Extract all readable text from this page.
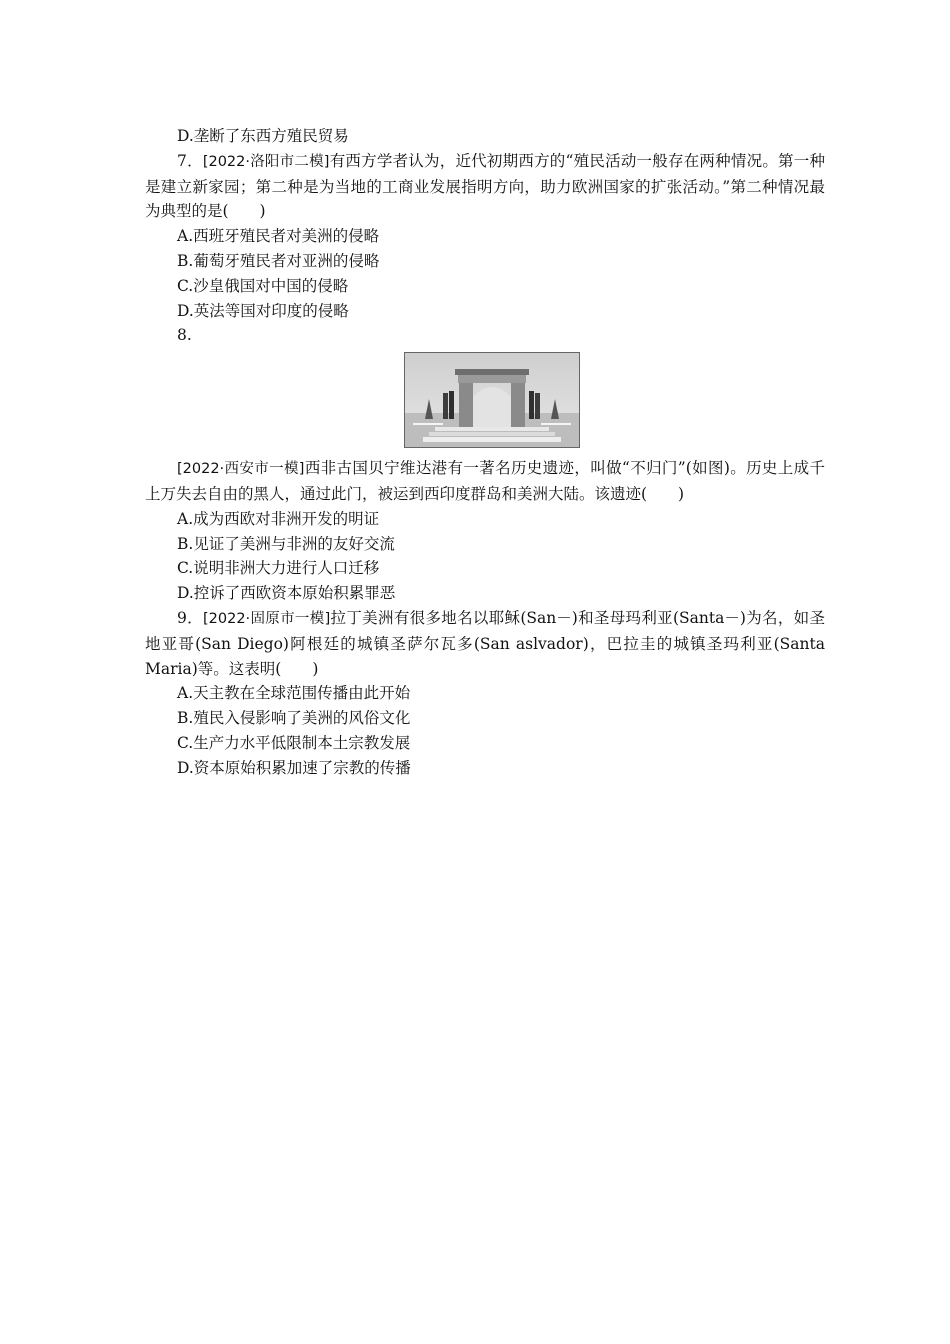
D.垄断了东西方殖民贸易
7．[2022·洛阳市二模]有西方学者认为，近代初期西方的“殖民活动一般存在两种情况。第一种是建立新家园；第二种是为当地的工商业发展指明方向，助力欧洲国家的扩张活动。”第二种情况最为典型的是(　　)
A.西班牙殖民者对美洲的侵略
B.葡萄牙殖民者对亚洲的侵略
C.沙皇俄国对中国的侵略
D.英法等国对印度的侵略
8.
[2022·西安市一模]西非古国贝宁维达港有一著名历史遗迹，叫做“不归门”(如图)。历史上成千上万失去自由的黑人，通过此门，被运到西印度群岛和美洲大陆。该遗迹(　　)
A.成为西欧对非洲开发的明证
B.见证了美洲与非洲的友好交流
C.说明非洲大力进行人口迁移
D.控诉了西欧资本原始积累罪恶
9．[2022·固原市一模]拉丁美洲有很多地名以耶稣(San－)和圣母玛利亚(Santa－)为名，如圣地亚哥(San Diego)阿根廷的城镇圣萨尔瓦多(San aslvador)，巴拉圭的城镇圣玛利亚(Santa Maria)等。这表明(　　)
A.天主教在全球范围传播由此开始
B.殖民入侵影响了美洲的风俗文化
C.生产力水平低限制本土宗教发展
D.资本原始积累加速了宗教的传播
